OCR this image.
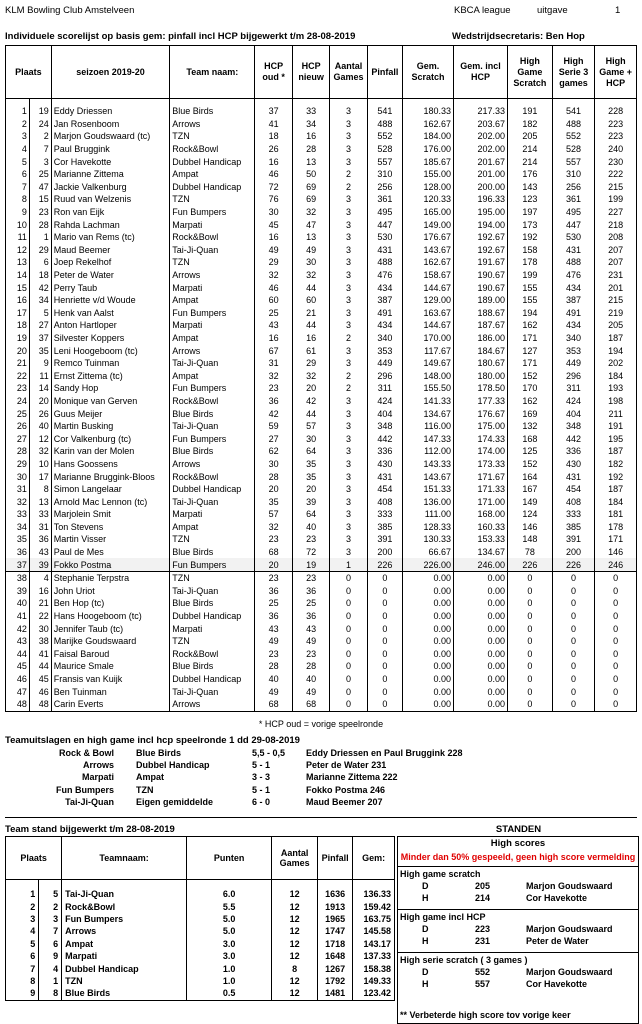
KLM Bowling Club Amstelveen	KBCA league	uitgave	1
Individuele scorelijst op basis gem: pinfall incl HCP bijgewerkt t/m 28-08-2019	Wedstrijdsecretaris: Ben Hop
Plaats		seizoen 2019-20	Team naam:	HCP oud *	HCP nieuw	Aantal Games	Pinfall	Gem. Scratch	Gem. incl HCP	High Game Scratch	High Serie 3 games	High Game + HCP

1	19	Eddy Driessen	Blue Birds	37	33	3	541	180.33	217.33	191	541	228
2	24	Jan Rosenboom	Arrows	41	34	3	488	162.67	203.67	182	488	223
3	2	Marjon Goudswaard (tc)	TZN	18	16	3	552	184.00	202.00	205	552	223
4	7	Paul Bruggink	Rock&Bowl	26	28	3	528	176.00	202.00	214	528	240
5	3	Cor Havekotte	Dubbel Handicap	16	13	3	557	185.67	201.67	214	557	230
6	25	Marianne Zittema	Ampat	46	50	2	310	155.00	201.00	176	310	222
7	47	Jackie Valkenburg	Dubbel Handicap	72	69	2	256	128.00	200.00	143	256	215
8	15	Ruud van Welzenis	TZN	76	69	3	361	120.33	196.33	123	361	199
9	23	Ron van Eijk	Fun Bumpers	30	32	3	495	165.00	195.00	197	495	227
10	28	Rahda Lachman	Marpati	45	47	3	447	149.00	194.00	173	447	218
11	1	Mario van Rems (tc)	Rock&Bowl	16	13	3	530	176.67	192.67	192	530	208
12	29	Maud Beemer	Tai-Ji-Quan	49	49	3	431	143.67	192.67	158	431	207
13	6	Joep Rekelhof	TZN	29	30	3	488	162.67	191.67	178	488	207
14	18	Peter de Water	Arrows	32	32	3	476	158.67	190.67	199	476	231
15	42	Perry Taub	Marpati	46	44	3	434	144.67	190.67	155	434	201
16	34	Henriette v/d Woude	Ampat	60	60	3	387	129.00	189.00	155	387	215
17	5	Henk van Aalst	Fun Bumpers	25	21	3	491	163.67	188.67	194	491	219
18	27	Anton Hartloper	Marpati	43	44	3	434	144.67	187.67	162	434	205
19	37	Silvester Koppers	Ampat	16	16	2	340	170.00	186.00	171	340	187
20	35	Leni Hoogeboom (tc)	Arrows	67	61	3	353	117.67	184.67	127	353	194
21	9	Remco Tuinman	Tai-Ji-Quan	31	29	3	449	149.67	180.67	171	449	202
22	11	Ernst Zittema (tc)	Ampat	32	32	2	296	148.00	180.00	152	296	184
23	14	Sandy Hop	Fun Bumpers	23	20	2	311	155.50	178.50	170	311	193
24	20	Monique van Gerven	Rock&Bowl	36	42	3	424	141.33	177.33	162	424	198
25	26	Guus Meijer	Blue Birds	42	44	3	404	134.67	176.67	169	404	211
26	40	Martin Busking	Tai-Ji-Quan	59	57	3	348	116.00	175.00	132	348	191
27	12	Cor Valkenburg (tc)	Fun Bumpers	27	30	3	442	147.33	174.33	168	442	195
28	32	Karin van der Molen	Blue Birds	62	64	3	336	112.00	174.00	125	336	187
29	10	Hans Goossens	Arrows	30	35	3	430	143.33	173.33	152	430	182
30	17	Marianne Bruggink-Bloos	Rock&Bowl	28	35	3	431	143.67	171.67	164	431	192
31	8	Simon Langelaar	Dubbel Handicap	20	20	3	454	151.33	171.33	167	454	187
32	13	Arnold Mac Lennon (tc)	Tai-Ji-Quan	35	39	3	408	136.00	171.00	149	408	184
33	33	Marjolein Smit	Marpati	57	64	3	333	111.00	168.00	124	333	181
34	31	Ton Stevens	Ampat	32	40	3	385	128.33	160.33	146	385	178
35	36	Martin Visser	TZN	23	23	3	391	130.33	153.33	148	391	171
36	43	Paul de Mes	Blue Birds	68	72	3	200	66.67	134.67	78	200	146
37	39	Fokko Postma	Fun Bumpers	20	19	1	226	226.00	246.00	226	226	246
38	4	Stephanie Terpstra	TZN	23	23	0	0	0.00	0.00	0	0	0
39	16	John Uriot	Tai-Ji-Quan	36	36	0	0	0.00	0.00	0	0	0
40	21	Ben Hop (tc)	Blue Birds	25	25	0	0	0.00	0.00	0	0	0
41	22	Hans Hoogeboom (tc)	Dubbel Handicap	36	36	0	0	0.00	0.00	0	0	0
42	30	Jennifer Taub (tc)	Marpati	43	43	0	0	0.00	0.00	0	0	0
43	38	Marijke Goudswaard	TZN	49	49	0	0	0.00	0.00	0	0	0
44	41	Faisal Baroud	Rock&Bowl	23	23	0	0	0.00	0.00	0	0	0
45	44	Maurice Smale	Blue Birds	28	28	0	0	0.00	0.00	0	0	0
46	45	Fransis van Kuijk	Dubbel Handicap	40	40	0	0	0.00	0.00	0	0	0
47	46	Ben Tuinman	Tai-Ji-Quan	49	49	0	0	0.00	0.00	0	0	0
48	48	Carin Everts	Arrows	68	68	0	0	0.00	0.00	0	0	0
* HCP oud = vorige speelronde
Teamuitslagen en high game incl hcp speelronde 1 dd 29-08-2019
Rock & Bowl	Blue Birds	5,5 - 0,5	Eddy Driessen en Paul Bruggink 228
Arrows	Dubbel Handicap	5 - 1	Peter de Water 231
Marpati	Ampat	3 - 3	Marianne Zittema 222
Fun Bumpers	TZN	5 - 1	Fokko Postma 246
Tai-Ji-Quan	Eigen gemiddelde	6 - 0	Maud Beemer 207
Team stand bijgewerkt t/m 28-08-2019	STANDEN
Plaats		Teamnaam:	Punten	Aantal Games	Pinfall	Gem:

1	5	Tai-Ji-Quan	6.0	12	1636	136.33
2	2	Rock&Bowl	5.5	12	1913	159.42
3	3	Fun Bumpers	5.0	12	1965	163.75
4	7	Arrows	5.0	12	1747	145.58
5	6	Ampat	3.0	12	1718	143.17
6	9	Marpati	3.0	12	1648	137.33
7	4	Dubbel Handicap	1.0	8	1267	158.38
8	1	TZN	1.0	12	1792	149.33
9	8	Blue Birds	0.5	12	1481	123.42
High scores
Minder dan 50% gespeeld, geen high score vermelding
High game scratch
D	205	Marjon Goudswaard
H	214	Cor Havekotte
High game incl HCP
D	223	Marjon Goudswaard
H	231	Peter de Water
High serie scratch ( 3 games )
D	552	Marjon Goudswaard
H	557	Cor Havekotte
** Verbeterde high score tov vorige keer
